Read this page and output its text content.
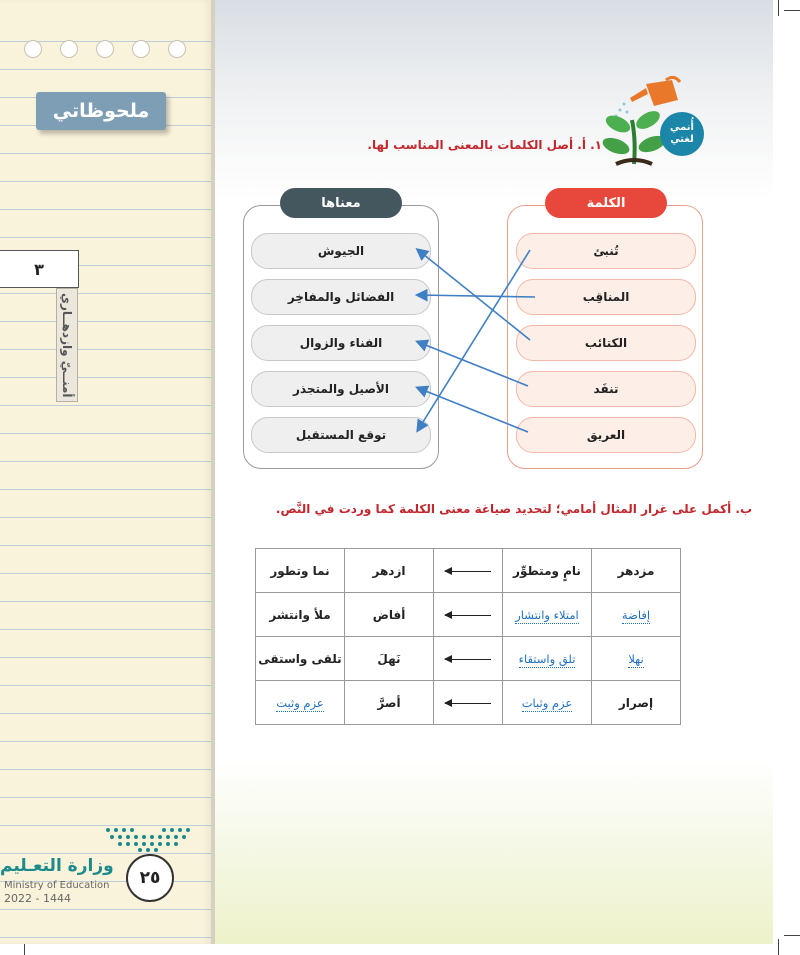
ملحوظاتي
٣
أمنــيّ وازدهــاري
وزارة التعـليم
Ministry of Education
2022 - 1444
٢٥
أُنمي
لغتي
١. أ. أصل الكلمات بالمعنى المناسب لها.
الكلمة
معناها
تُنبئ
المناقِب
الكتائب
تنفَد
العريق
الجيوش
الفضائل والمفاخِر
الفناء والزوال
الأصيل والمتجذر
توقع المستقبل
ب. أكمل على غرار المثال أمامي؛ لتحديد صياغة معنى الكلمة كما وردت في النَّص.
مزدهر	نامٍ ومتطوِّر		ازدهر	نما وتطور
إفاضة	امتلاء وانتشار		أفاض	ملأ وانتشر
نهلا	تلق واستقاء		نَهلَ	تلقى واستقى
إصرار	عزم وثبات		أصرَّ	عزم وثبت
